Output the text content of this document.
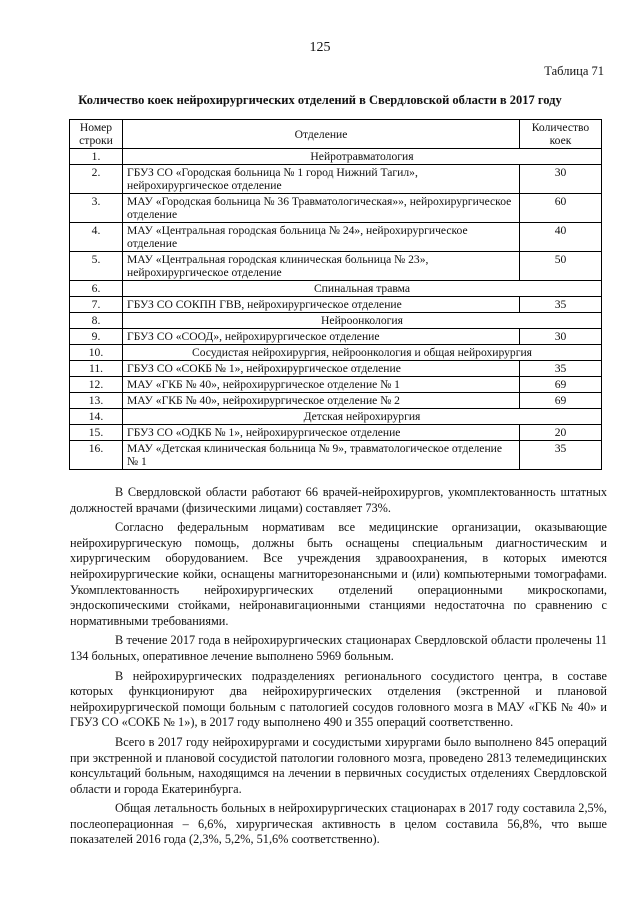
125
Таблица 71
Количество коек нейрохирургических отделений в Свердловской области в 2017 году
Номер строки	Отделение	Количество коек
1.	Нейротравматология	
2.	ГБУЗ СО «Городская больница № 1 город Нижний Тагил», нейрохирургическое отделение	30
3.	МАУ «Городская больница № 36 Травматологическая»», нейрохирургическое отделение	60
4.	МАУ «Центральная городская больница № 24», нейрохирургическое отделение	40
5.	МАУ «Центральная городская клиническая больница № 23», нейрохирургическое отделение	50
6.	Спинальная травма	
7.	ГБУЗ СО СОКПН ГВВ, нейрохирургическое отделение	35
8.	Нейроонкология	
9.	ГБУЗ СО «СООД», нейрохирургическое отделение	30
10.	Сосудистая нейрохирургия, нейроонкология и общая нейрохирургия	
11.	ГБУЗ СО «СОКБ № 1», нейрохирургическое отделение	35
12.	МАУ «ГКБ № 40», нейрохирургическое отделение № 1	69
13.	МАУ «ГКБ № 40», нейрохирургическое отделение № 2	69
14.	Детская нейрохирургия	
15.	ГБУЗ СО «ОДКБ № 1», нейрохирургическое отделение	20
16.	МАУ «Детская клиническая больница № 9», травматологическое отделение № 1	35

В Свердловской области работают 66 врачей-нейрохирургов, укомплектованность штатных должностей врачами (физическими лицами) составляет 73%.

Согласно федеральным нормативам все медицинские организации, оказывающие нейрохирургическую помощь, должны быть оснащены специальным диагностическим и хирургическим оборудованием. Все учреждения здравоохранения, в которых имеются нейрохирургические койки, оснащены магниторезонансными и (или) компьютерными томографами. Укомплектованность нейрохирургических отделений операционными микроскопами, эндоскопическими стойками, нейронавигационными станциями недостаточна по сравнению с нормативными требованиями.

В течение 2017 года в нейрохирургических стационарах Свердловской области пролечены 11 134 больных, оперативное лечение выполнено 5969 больным.

В нейрохирургических подразделениях регионального сосудистого центра, в составе которых функционируют два нейрохирургических отделения (экстренной и плановой нейрохирургической помощи больным с патологией сосудов головного мозга в МАУ «ГКБ № 40» и ГБУЗ СО «СОКБ № 1»), в 2017 году выполнено 490 и 355 операций соответственно.

Всего в 2017 году нейрохирургами и сосудистыми хирургами было выполнено 845 операций при экстренной и плановой сосудистой патологии головного мозга, проведено 2813 телемедицинских консультаций больным, находящимся на лечении в первичных сосудистых отделениях Свердловской области и города Екатеринбурга.

Общая летальность больных в нейрохирургических стационарах в 2017 году составила 2,5%, послеоперационная – 6,6%, хирургическая активность в целом составила 56,8%, что выше показателей 2016 года (2,3%, 5,2%, 51,6% соответственно).
